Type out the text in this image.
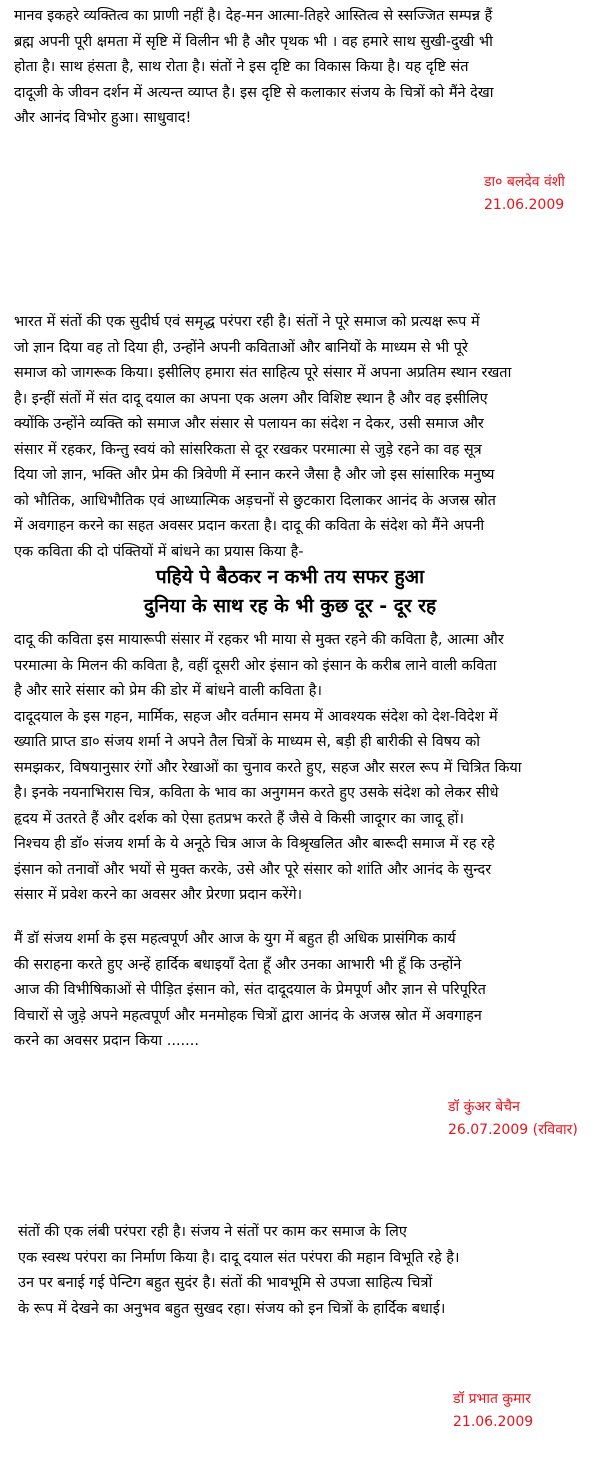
मानव इकहरे व्यक्तित्व का प्राणी नहीं है। देह-मन आत्मा-तिहरे आस्तित्व से स्सज्जित सम्पन्न हैं
ब्रह्म अपनी पूरी क्षमता में सृष्टि में विलीन भी है और पृथक भी । वह हमारे साथ सुखी-दुखी भी
होता है। साथ हंसता है, साथ रोता है। संतों ने इस दृष्टि का विकास किया है। यह दृष्टि संत
दादूजी के जीवन दर्शन में अत्यन्त व्याप्त है। इस दृष्टि से कलाकार संजय के चित्रों को मैंने देखा
और आनंद विभोर हुआ। साधुवाद!
डा० बलदेव वंशी
21.06.2009
भारत में संतों की एक सुदीर्घ एवं समृद्ध परंपरा रही है। संतों ने पूरे समाज को प्रत्यक्ष रूप में
जो ज्ञान दिया वह तो दिया ही, उन्होंने अपनी कविताओं और बानियों के माध्यम से भी पूरे
समाज को जागरूक किया। इसीलिए हमारा संत साहित्य पूरे संसार में अपना अप्रतिम स्थान रखता
है। इन्हीं संतों में संत दादू दयाल का अपना एक अलग और विशिष्ट स्थान है और वह इसीलिए
क्योंकि उन्होंने व्यक्ति को समाज और संसार से पलायन का संदेश न देकर, उसी समाज और
संसार में रहकर, किन्तु स्वयं को सांसरिकता से दूर रखकर परमात्मा से जुड़े रहने का वह सूत्र
दिया जो ज्ञान, भक्ति और प्रेम की त्रिवेणी में स्नान करने जैसा है और जो इस सांसारिक मनुष्य
को भौतिक, आधिभौतिक एवं आध्यात्मिक अड़चनों से छुटकारा दिलाकर आनंद के अजस्र स्रोत
में अवगाहन करने का सहत अवसर प्रदान करता है। दादू की कविता के संदेश को मैंने अपनी
एक कविता की दो पंक्तियों में बांधने का प्रयास किया है-
पहिये पे बैठकर न कभी तय सफर हुआ
दुनिया के साथ रह के भी कुछ दूर - दूर रह
दादू की कविता इस मायारूपी संसार में रहकर भी माया से मुक्त रहने की कविता है, आत्मा और
परमात्मा के मिलन की कविता है, वहीं दूसरी ओर इंसान को इंसान के करीब लाने वाली कविता
है और सारे संसार को प्रेम की डोर में बांधने वाली कविता है।
दादूदयाल के इस गहन, मार्मिक, सहज और वर्तमान समय में आवश्यक संदेश को देश-विदेश में
ख्याति प्राप्त डा० संजय शर्मा ने अपने तैल चित्रों के माध्यम से, बड़ी ही बारीकी से विषय को
समझकर, विषयानुसार रंगों और रेखाओं का चुनाव करते हुए, सहज और सरल रूप में चित्रित किया
है। इनके नयनाभिरास चित्र, कविता के भाव का अनुगमन करते हुए उसके संदेश को लेकर सीधे
हृदय में उतरते हैं और दर्शक को ऐसा हतप्रभ करते हैं जैसे वे किसी जादूगर का जादू हों।
निश्चय ही डॉ० संजय शर्मा के ये अनूठे चित्र आज के विश्रृखलित और बारूदी समाज में रह रहे
इंसान को तनावों और भयों से मुक्त करके, उसे और पूरे संसार को शांति और आनंद के सुन्दर
संसार में प्रवेश करने का अवसर और प्रेरणा प्रदान करेंगे।
मैं डॉ संजय शर्मा के इस महत्वपूर्ण और आज के युग में बहुत ही अधिक प्रासंगिक कार्य
की सराहना करते हुए अन्हें हार्दिक बधाइयाँ देता हूँ और उनका आभारी भी हूँ कि उन्होंने
आज की विभीषिकाओं से पीड़ित इंसान को, संत दादूदयाल के प्रेमपूर्ण और ज्ञान से परिपूरित
विचारों से जुड़े अपने महत्वपूर्ण और मनमोहक चित्रों द्वारा आनंद के अजस्र स्रोत में अवगाहन
करने का अवसर प्रदान किया .......
डॉ कुंअर बेचैन
26.07.2009 (रविवार)
संतों की एक लंबी परंपरा रही है। संजय ने संतों पर काम कर समाज के लिए
एक स्वस्थ परंपरा का निर्माण किया है। दादू दयाल संत परंपरा की महान विभूति रहे है।
उन पर बनाई गई पेन्टिग बहुत सुदंर है। संतों की भावभूमि से उपजा साहित्य चित्रों
के रूप में देखने का अनुभव बहुत सुखद रहा। संजय को इन चित्रों के हार्दिक बधाई।
डॉ प्रभात कुमार
21.06.2009
